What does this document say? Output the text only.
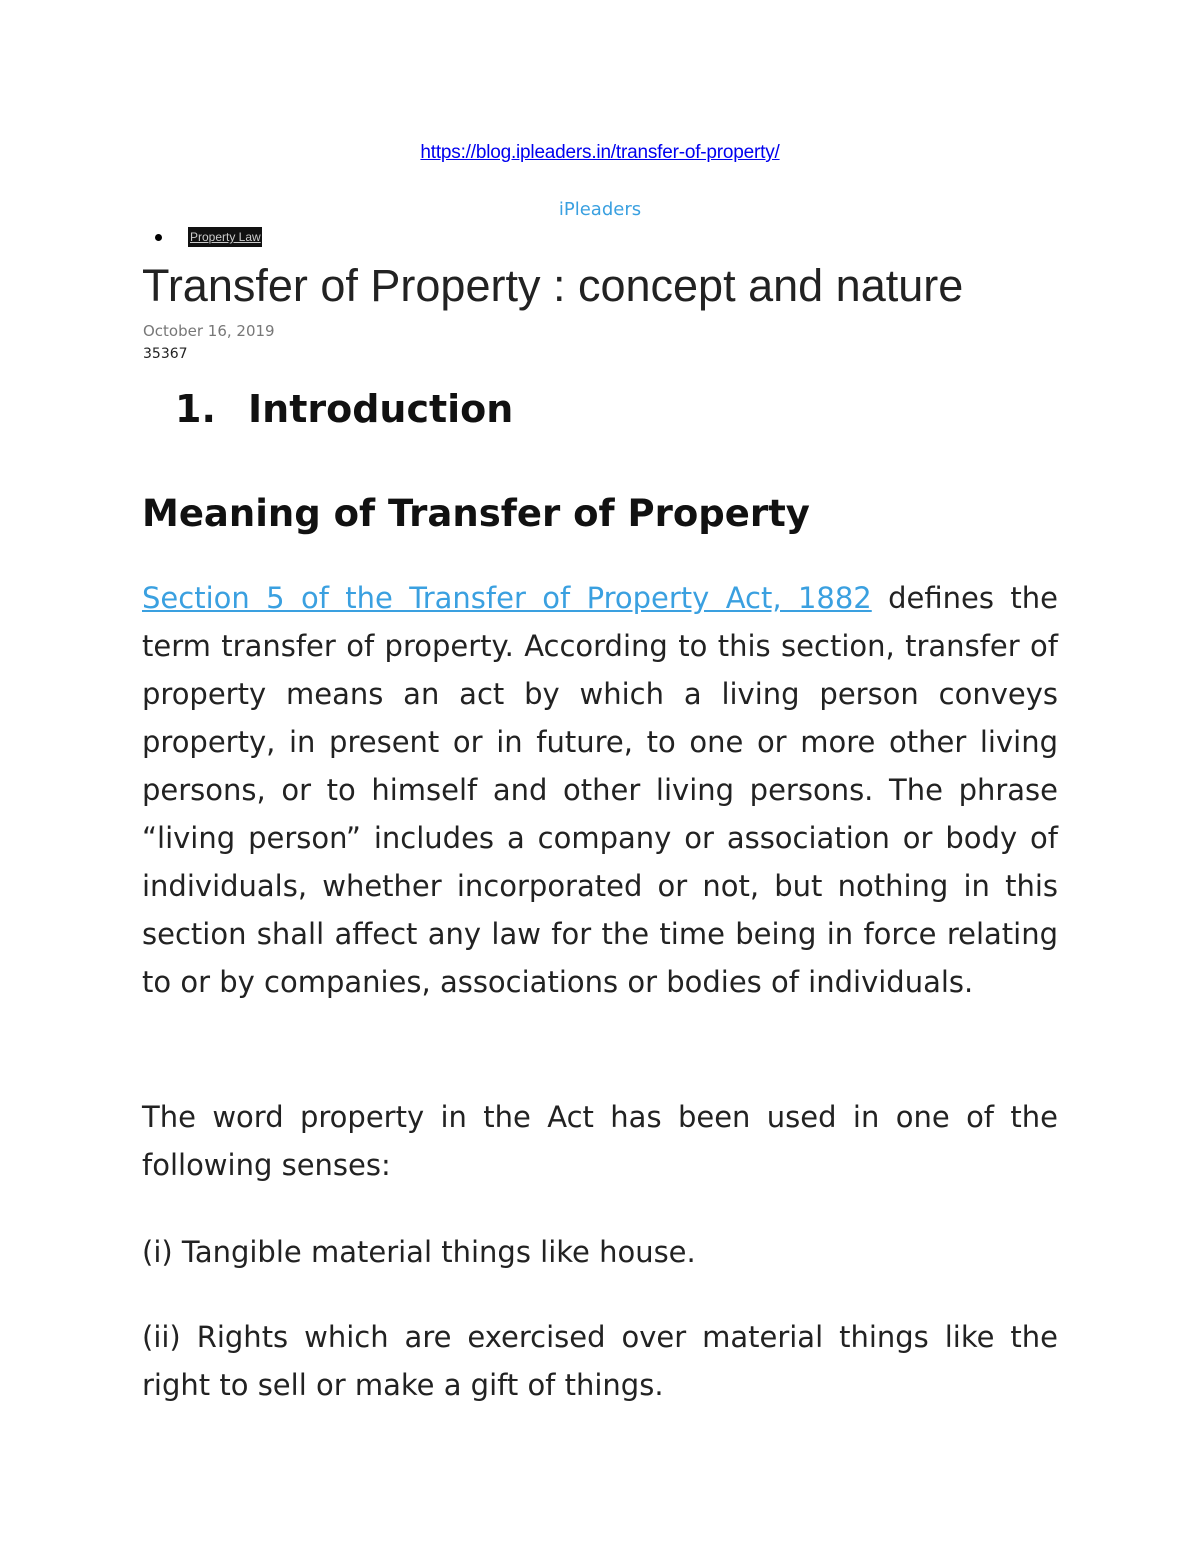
https://blog.ipleaders.in/transfer-of-property/
iPleaders
Property Law
Transfer of Property : concept and nature
October 16, 2019
35367
1. Introduction
Meaning of Transfer of Property

Section 5 of the Transfer of Property Act, 1882 defines the term transfer of property. According to this section, transfer of property means an act by which a living person conveys property, in present or in future, to one or more other living persons, or to himself and other living persons. The phrase “living person” includes a company or association or body of individuals, whether incorporated or not, but nothing in this section shall affect any law for the time being in force relating to or by companies, associations or bodies of individuals.

The word property in the Act has been used in one of the following senses:

(i) Tangible material things like house.

(ii) Rights which are exercised over material things like the right to sell or make a gift of things.
